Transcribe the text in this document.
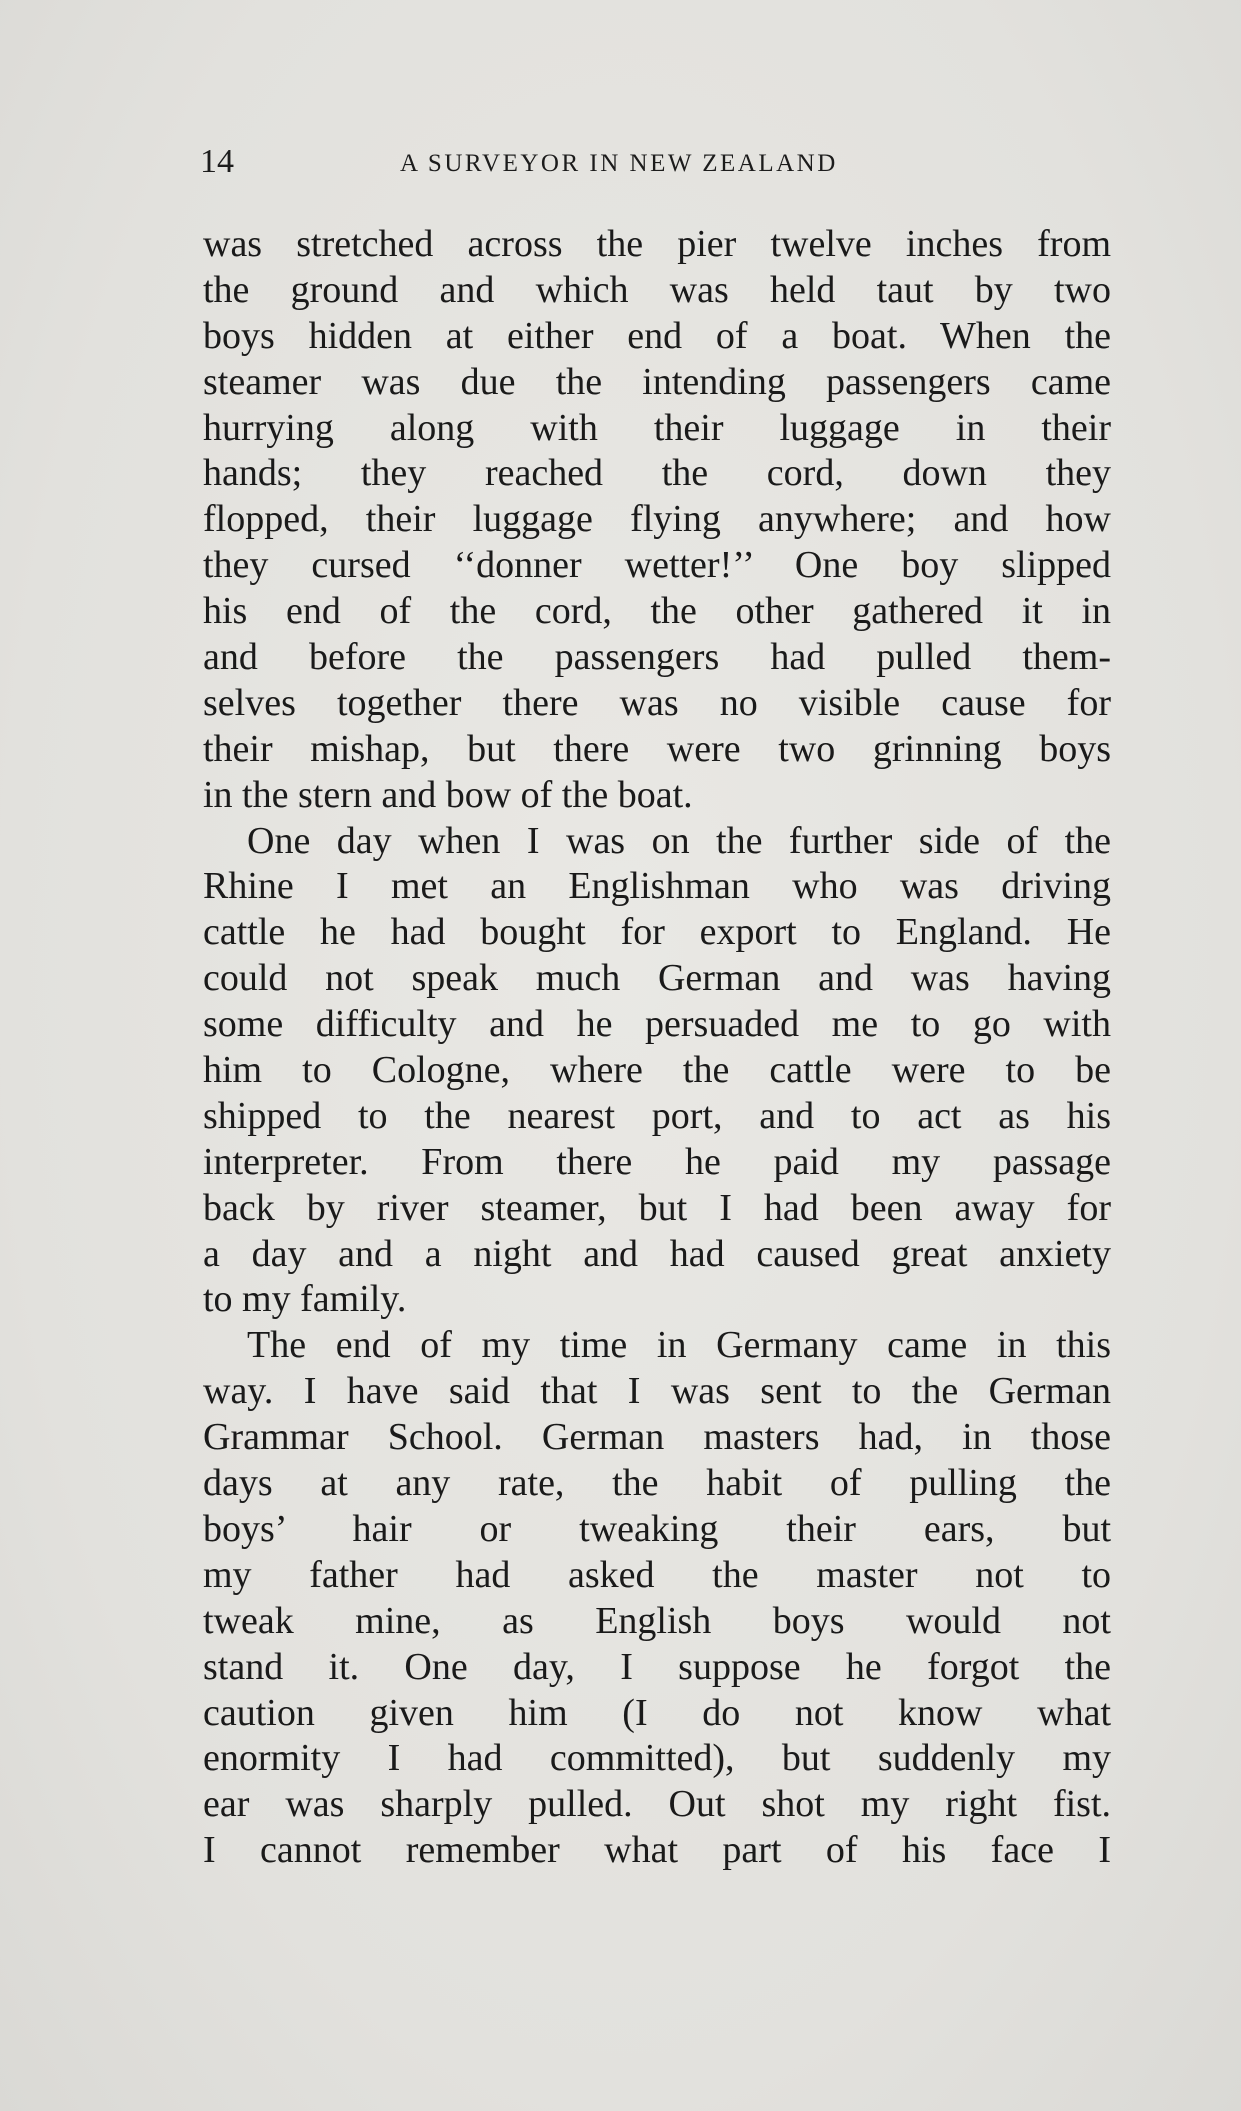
14	A SURVEYOR IN NEW ZEALAND
was stretched across the pier twelve inches from
the ground and which was held taut by two
boys hidden at either end of a boat. When the
steamer was due the intending passengers came
hurrying along with their luggage in their
hands; they reached the cord, down they
flopped, their luggage flying anywhere; and how
they cursed ‘‘donner wetter!’’ One boy slipped
his end of the cord, the other gathered it in
and before the passengers had pulled them-
selves together there was no visible cause for
their mishap, but there were two grinning boys
in the stern and bow of the boat.
One day when I was on the further side of the
Rhine I met an Englishman who was driving
cattle he had bought for export to England. He
could not speak much German and was having
some difficulty and he persuaded me to go with
him to Cologne, where the cattle were to be
shipped to the nearest port, and to act as his
interpreter. From there he paid my passage
back by river steamer, but I had been away for
a day and a night and had caused great anxiety
to my family.
The end of my time in Germany came in this
way. I have said that I was sent to the German
Grammar School. German masters had, in those
days at any rate, the habit of pulling the
boys’ hair or tweaking their ears, but
my father had asked the master not to
tweak mine, as English boys would not
stand it. One day, I suppose he forgot the
caution given him (I do not know what
enormity I had committed), but suddenly my
ear was sharply pulled. Out shot my right fist.
I cannot remember what part of his face I
